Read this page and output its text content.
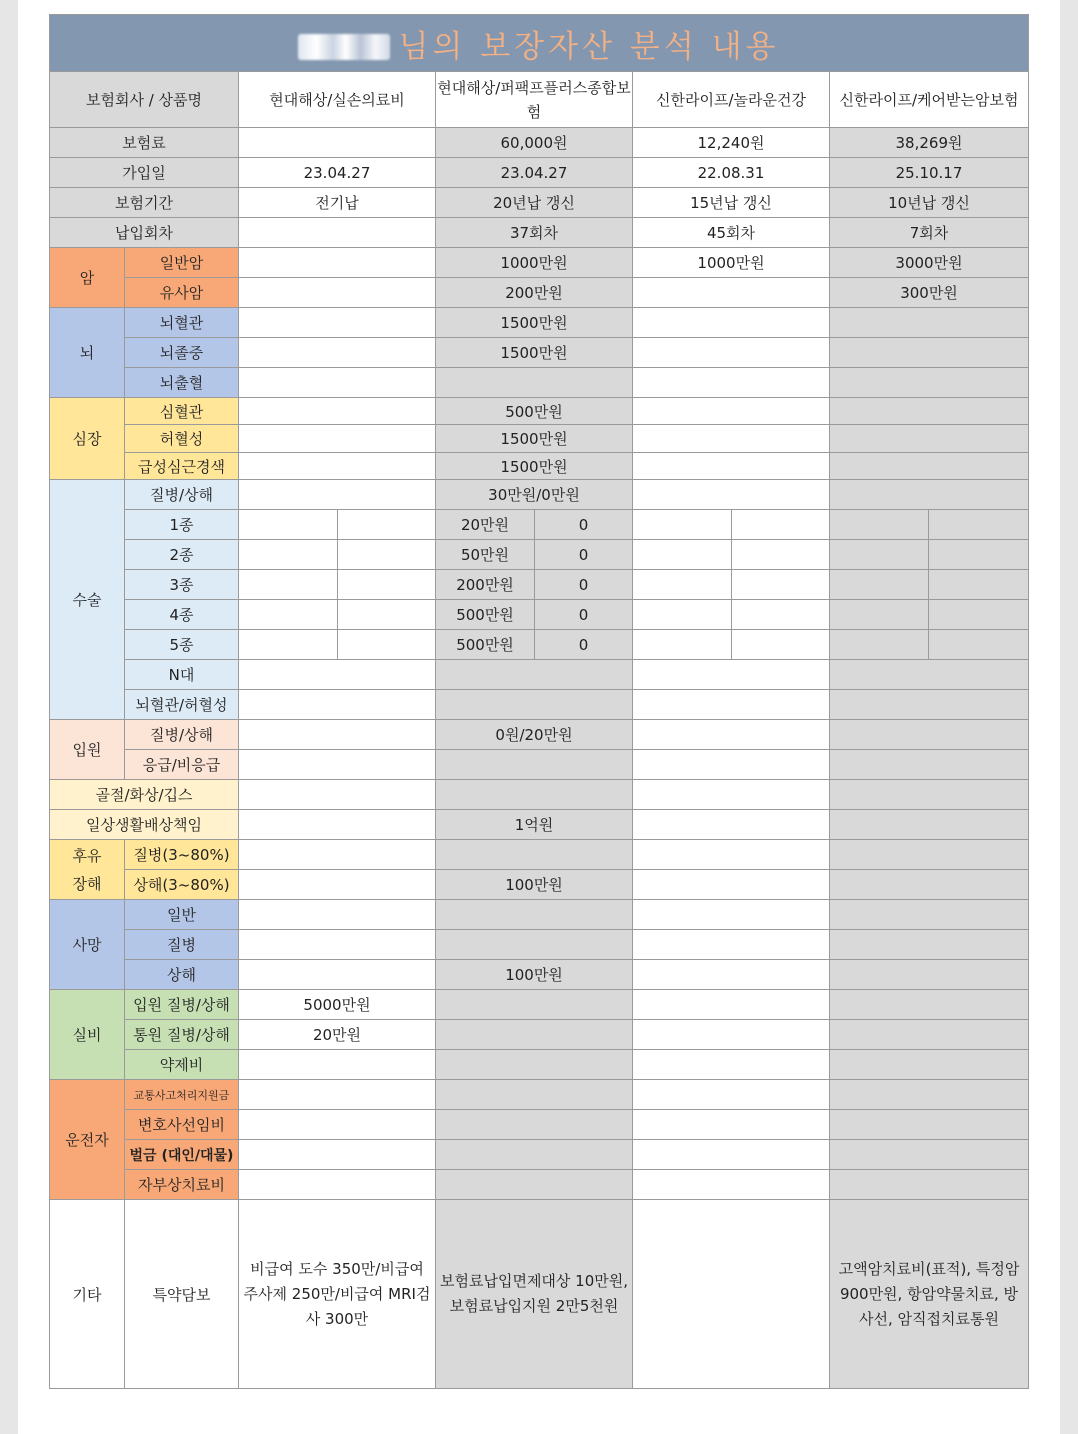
님의 보장자산 분석 내용									
보험회사 / 상품명		현대해상/실손의료비		현대해상/퍼팩프플러스종합보험		신한라이프/놀라운건강		신한라이프/케어받는암보험	
보험료				60,000원		12,240원		38,269원	
가입일		23.04.27		23.04.27		22.08.31		25.10.17	
보험기간		전기납		20년납 갱신		15년납 갱신		10년납 갱신	
납입회차				37회차		45회차		7회차	
암	일반암			1000만원		1000만원		3000만원	
	유사암			200만원				300만원	
뇌	뇌혈관			1500만원					
	뇌졸중			1500만원					
	뇌출혈								
심장	심혈관			500만원					
	허혈성			1500만원					
	급성심근경색			1500만원					
수술	질병/상해			30만원/0만원					
	1종			20만원	0				
	2종			50만원	0				
	3종			200만원	0				
	4종			500만원	0				
	5종			500만원	0				
	N대								
	뇌혈관/허혈성								
입원	질병/상해			0원/20만원					
	응급/비응급								
골절/화상/깁스									
일상생활배상책임				1억원					
후유장해	질병(3~80%)								
	상해(3~80%)			100만원					
사망	일반								
	질병								
	상해			100만원					
실비	입원 질병/상해	5000만원							
	통원 질병/상해	20만원							
	약제비								
운전자	교통사고처리지원금								
	변호사선임비								
	벌금 (대인/대물)								
	자부상치료비								
기타	특약담보	비급여 도수 350만/비급여 주사제 250만/비급여 MRI검사 300만		보험료납입면제대상 10만원, 보험료납입지원 2만5천원				고액암치료비(표적), 특정암 900만원, 항암약물치료, 방사선, 암직접치료통원	
